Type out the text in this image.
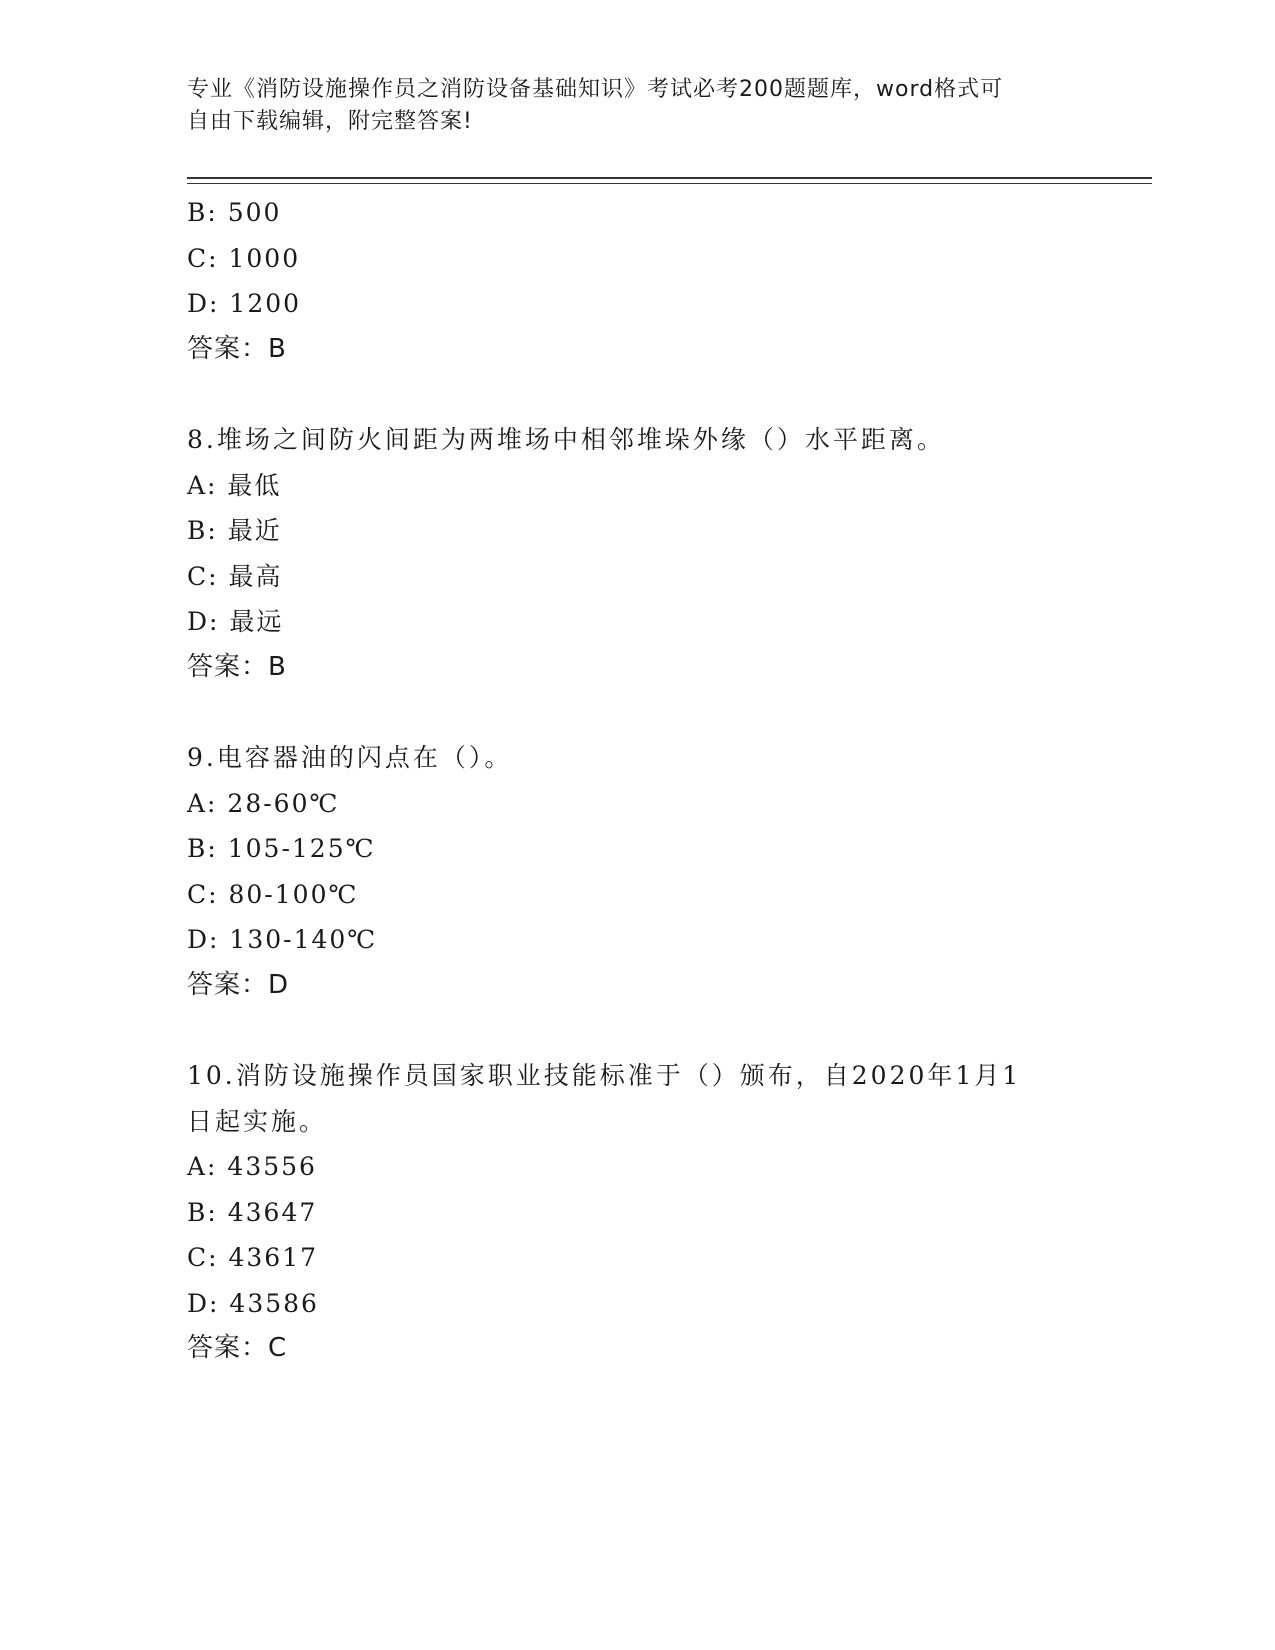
专业《消防设施操作员之消防设备基础知识》考试必考200题题库，word格式可
自由下载编辑，附完整答案!
B: 500
C: 1000
D: 1200
答案：B
8.堆场之间防火间距为两堆场中相邻堆垛外缘（）水平距离。
A: 最低
B: 最近
C: 最高
D: 最远
答案：B
9.电容器油的闪点在（）。
A: 28-60℃
B: 105-125℃
C: 80-100℃
D: 130-140℃
答案：D
10.消防设施操作员国家职业技能标准于（）颁布，自2020年1月1
日起实施。
A: 43556
B: 43647
C: 43617
D: 43586
答案：C
